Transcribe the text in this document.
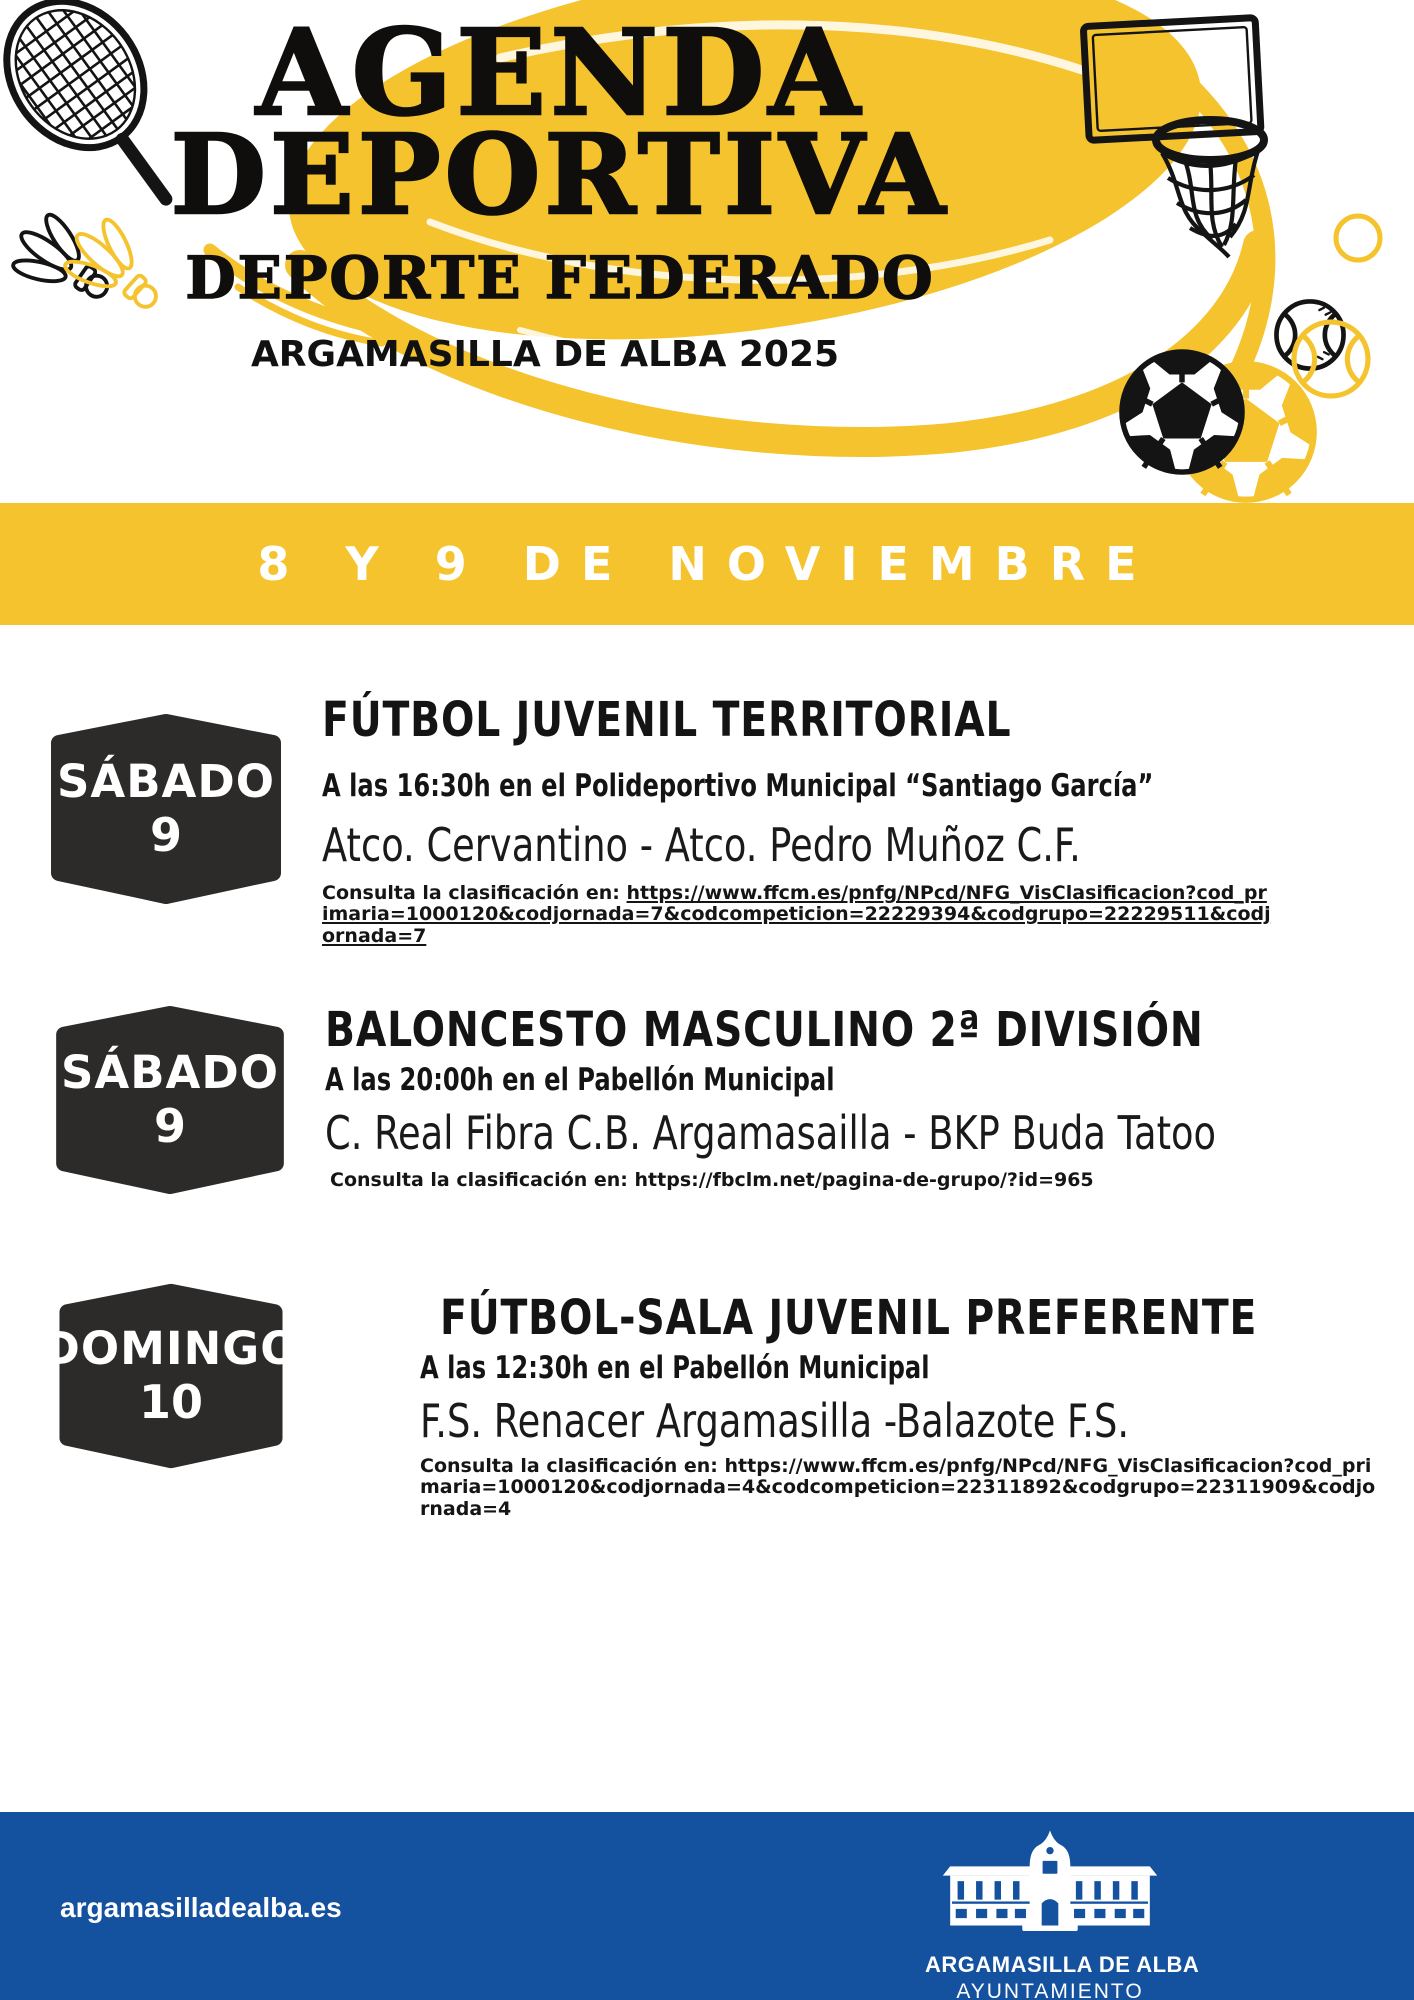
AGENDA
DEPORTIVA
DEPORTE FEDERADO
ARGAMASILLA DE ALBA 2025
8 Y 9 DE NOVIEMBRE
SÁBADO
9
FÚTBOL JUVENIL TERRITORIAL
A las 16:30h en el Polideportivo Municipal “Santiago García”
Atco. Cervantino - Atco. Pedro Muñoz C.F.
Consulta la clasificación en: https://www.ffcm.es/pnfg/NPcd/NFG_VisClasificacion?cod_primaria=1000120&codjornada=7&codcompeticion=22229394&codgrupo=22229511&codjornada=7
SÁBADO
9
BALONCESTO MASCULINO 2ª DIVISIÓN
A las 20:00h en el Pabellón Municipal
C. Real Fibra C.B. Argamasailla - BKP Buda Tatoo
Consulta la clasificación en: https://fbclm.net/pagina-de-grupo/?id=965
DOMINGO
10
FÚTBOL-SALA JUVENIL PREFERENTE
A las 12:30h en el Pabellón Municipal
F.S. Renacer Argamasilla -Balazote F.S.
Consulta la clasificación en: https://www.ffcm.es/pnfg/NPcd/NFG_VisClasificacion?cod_primaria=1000120&codjornada=4&codcompeticion=22311892&codgrupo=22311909&codjornada=4
argamasilladealba.es
ARGAMASILLA DE ALBA
AYUNTAMIENTO
